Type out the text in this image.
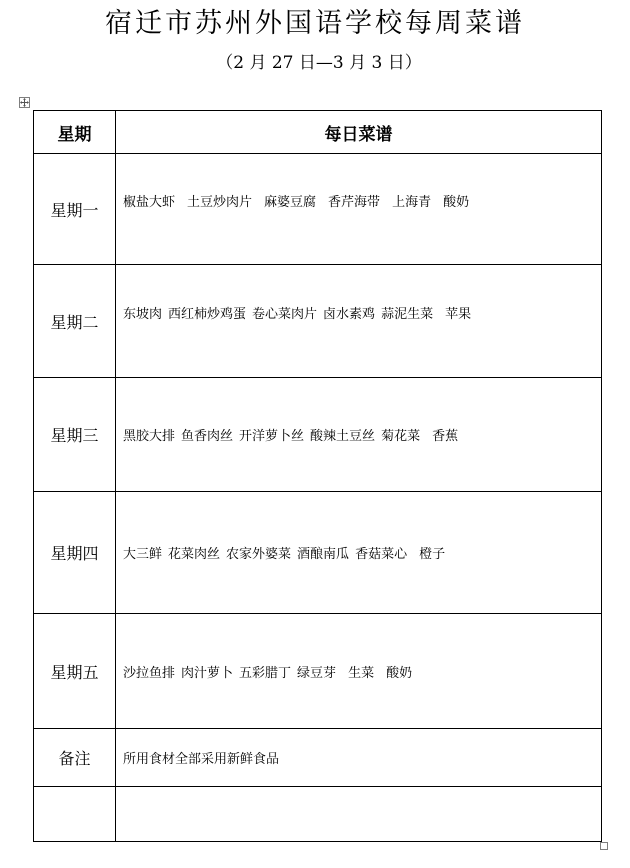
宿迁市苏州外国语学校每周菜谱
（2 月 27 日—3 月 3 日）
星期	每日菜谱
星期一	椒盐大虾 土豆炒肉片 麻婆豆腐 香芹海带 上海青 酸奶
星期二	东坡肉 西红柿炒鸡蛋 卷心菜肉片 卤水素鸡 蒜泥生菜 苹果
星期三	黑胶大排 鱼香肉丝 开洋萝卜丝 酸辣土豆丝 菊花菜 香蕉
星期四	大三鲜 花菜肉丝 农家外婆菜 酒酿南瓜 香菇菜心 橙子
星期五	沙拉鱼排 肉汁萝卜 五彩腊丁 绿豆芽 生菜 酸奶
备注	所用食材全部采用新鲜食品
